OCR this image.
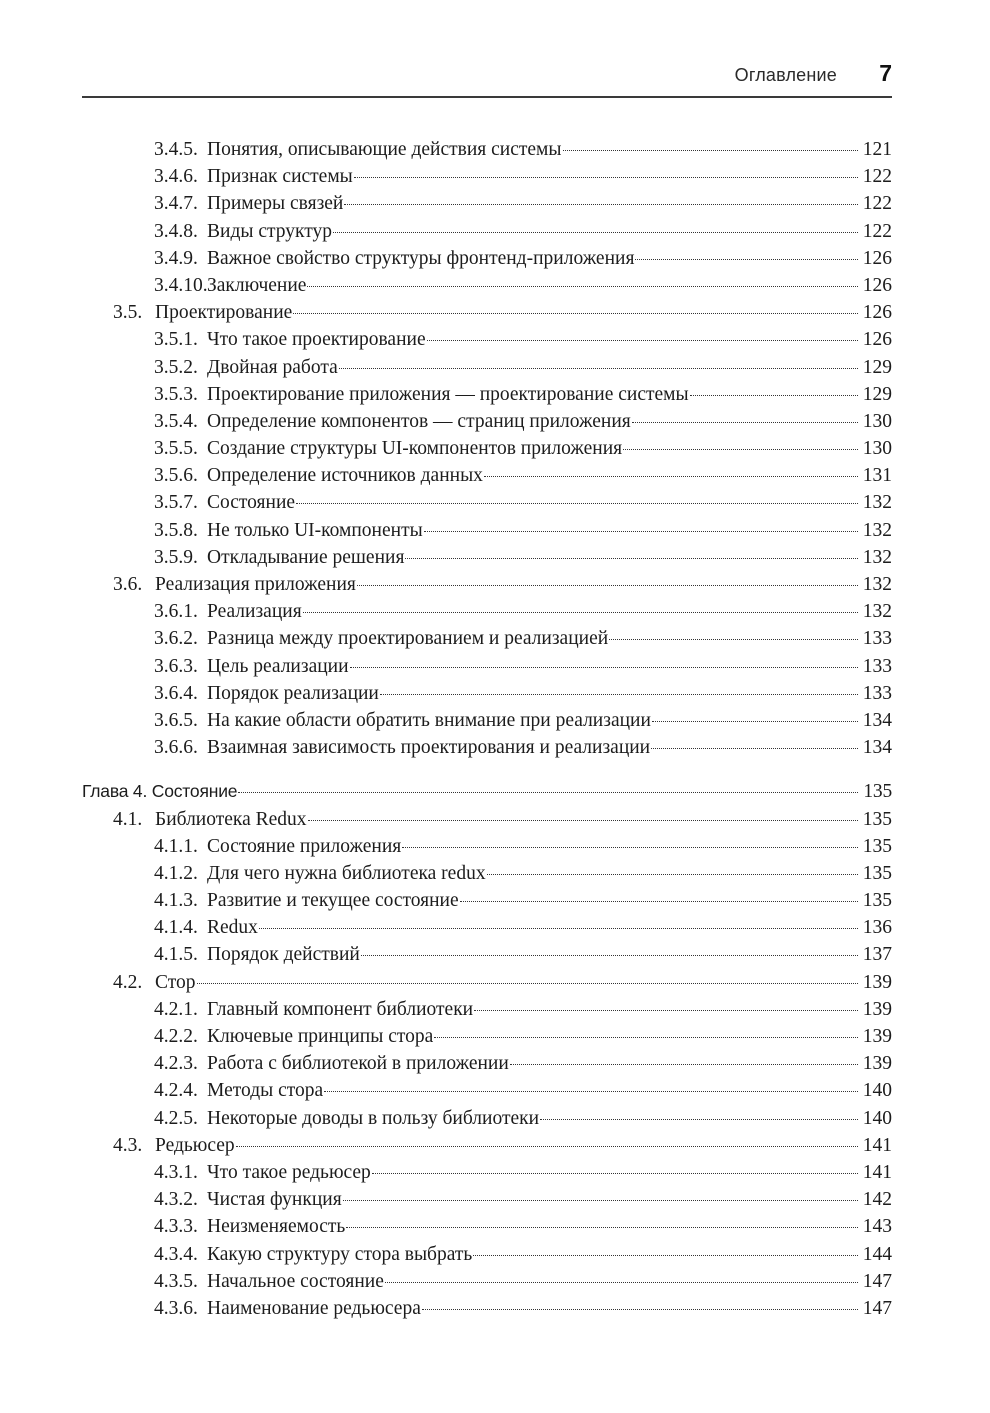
Оглавление 7
3.4.5. Понятия, описывающие действия системы	121
3.4.6. Признак системы	122
3.4.7. Примеры связей	122
3.4.8. Виды структур	122
3.4.9. Важное свойство структуры фронтенд-приложения	126
3.4.10. Заключение	126
3.5. Проектирование	126
3.5.1. Что такое проектирование	126
3.5.2. Двойная работа	129
3.5.3. Проектирование приложения — проектирование системы	129
3.5.4. Определение компонентов — страниц приложения	130
3.5.5. Создание структуры UI-компонентов приложения	130
3.5.6. Определение источников данных	131
3.5.7. Состояние	132
3.5.8. Не только UI-компоненты	132
3.5.9. Откладывание решения	132
3.6. Реализация приложения	132
3.6.1. Реализация	132
3.6.2. Разница между проектированием и реализацией	133
3.6.3. Цель реализации	133
3.6.4. Порядок реализации	133
3.6.5. На какие области обратить внимание при реализации	134
3.6.6. Взаимная зависимость проектирования и реализации	134
Глава 4. Состояние	135
4.1. Библиотека Redux	135
4.1.1. Состояние приложения	135
4.1.2. Для чего нужна библиотека redux	135
4.1.3. Развитие и текущее состояние	135
4.1.4. Redux	136
4.1.5. Порядок действий	137
4.2. Стор	139
4.2.1. Главный компонент библиотеки	139
4.2.2. Ключевые принципы стора	139
4.2.3. Работа с библиотекой в приложении	139
4.2.4. Методы стора	140
4.2.5. Некоторые доводы в пользу библиотеки	140
4.3. Редьюсер	141
4.3.1. Что такое редьюсер	141
4.3.2. Чистая функция	142
4.3.3. Неизменяемость	143
4.3.4. Какую структуру стора выбрать	144
4.3.5. Начальное состояние	147
4.3.6. Наименование редьюсера	147
